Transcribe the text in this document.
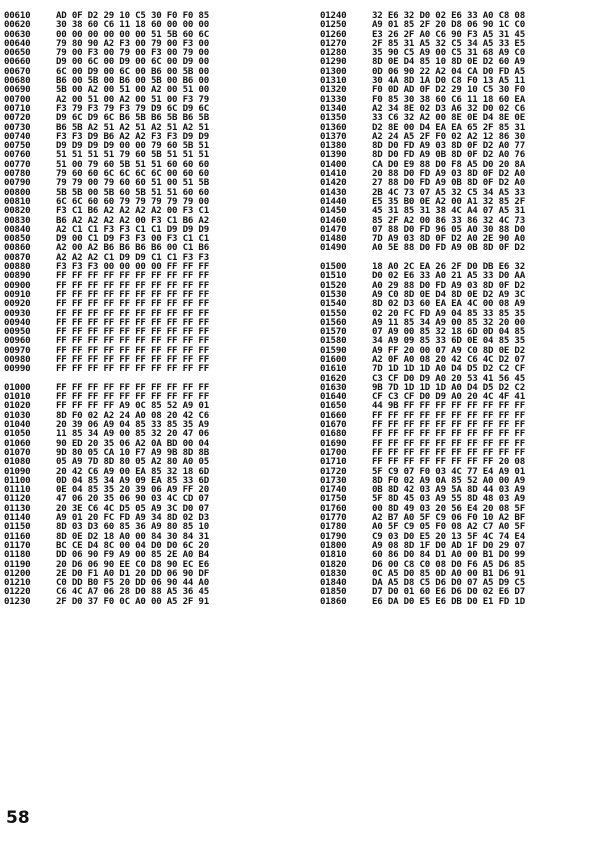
00610	AD 0F D2 29 10 C5 30 F0 F0 85
00620	30 38 60 C6 11 18 60 00 00 00
00630	00 00 00 00 00 00 51 5B 60 6C
00640	79 80 90 A2 F3 00 79 00 F3 00
00650	79 00 F3 00 79 00 F3 00 79 00
00660	D9 00 6C 00 D9 00 6C 00 D9 00
00670	6C 00 D9 00 6C 00 B6 00 5B 00
00680	B6 00 5B 00 B6 00 5B 00 B6 00
00690	5B 00 A2 00 51 00 A2 00 51 00
00700	A2 00 51 00 A2 00 51 00 F3 79
00710	F3 79 F3 79 F3 79 D9 6C D9 6C
00720	D9 6C D9 6C B6 5B B6 5B B6 5B
00730	B6 5B A2 51 A2 51 A2 51 A2 51
00740	F3 F3 D9 B6 A2 A2 F3 F3 D9 D9
00750	D9 D9 D9 D9 00 00 79 60 5B 51
00760	51 51 51 51 79 60 5B 51 51 51
00770	51 00 79 60 5B 51 51 60 60 60
00780	79 60 60 6C 6C 6C 6C 00 60 60
00790	79 79 00 79 60 60 51 00 51 5B
00800	5B 5B 00 5B 60 5B 51 51 60 60
00810	6C 6C 60 60 79 79 79 79 79 00
00820	F3 C1 B6 A2 A2 A2 A2 00 F3 C1
00830	B6 A2 A2 A2 A2 00 F3 C1 B6 A2
00840	A2 C1 C1 F3 F3 C1 C1 D9 D9 D9
00850	D9 00 C1 D9 F3 F3 00 F3 C1 C1
00860	A2 00 A2 B6 B6 B6 B6 00 C1 B6
00870	A2 A2 A2 C1 D9 D9 C1 C1 F3 F3
00880	F3 F3 F3 00 00 00 00 FF FF FF
00890	FF FF FF FF FF FF FF FF FF FF
00900	FF FF FF FF FF FF FF FF FF FF
00910	FF FF FF FF FF FF FF FF FF FF
00920	FF FF FF FF FF FF FF FF FF FF
00930	FF FF FF FF FF FF FF FF FF FF
00940	FF FF FF FF FF FF FF FF FF FF
00950	FF FF FF FF FF FF FF FF FF FF
00960	FF FF FF FF FF FF FF FF FF FF
00970	FF FF FF FF FF FF FF FF FF FF
00980	FF FF FF FF FF FF FF FF FF FF
00990	FF FF FF FF FF FF FF FF FF FF
01000	FF FF FF FF FF FF FF FF FF FF
01010	FF FF FF FF FF FF FF FF FF FF
01020	FF FF FF FF A9 0C 85 52 A9 01
01030	8D F0 02 A2 24 A0 08 20 42 C6
01040	20 39 06 A9 04 85 33 85 35 A9
01050	11 85 34 A9 00 85 32 20 47 06
01060	90 ED 20 35 06 A2 0A BD 00 04
01070	9D 80 05 CA 10 F7 A9 9B 8D 8B
01080	05 A9 7D 8D 80 05 A2 80 A0 05
01090	20 42 C6 A9 00 EA 85 32 18 6D
01100	0D 04 85 34 A9 09 EA 85 33 6D
01110	0E 04 85 35 20 39 06 A9 FF 20
01120	47 06 20 35 06 90 03 4C CD 07
01130	20 3E C6 4C D5 05 A9 3C D0 07
01140	A9 01 20 FC FD A9 34 8D 02 D3
01150	8D 03 D3 60 85 36 A9 80 85 10
01160	8D 0E D2 18 A0 00 84 30 84 31
01170	BC CE D4 8C 00 04 D0 D0 6C 20
01180	DD 06 90 F9 A9 00 85 2E A0 B4
01190	20 D6 06 90 EE C0 D8 90 EC E6
01200	2E D0 F1 A0 D1 20 DD 06 90 DF
01210	C0 DD B0 F5 20 DD 06 90 44 A0
01220	C6 4C A7 06 28 D0 88 A5 36 45
01230	2F D0 37 F0 0C A0 00 A5 2F 91
01240	32 E6 32 D0 02 E6 33 A0 C8 08
01250	A9 01 85 2F 20 D8 06 90 1C C0
01260	E3 26 2F A0 C6 90 F3 A5 31 45
01270	2F 85 31 A5 32 C5 34 A5 33 E5
01280	35 90 C5 A9 00 C5 31 68 A9 C0
01290	8D 0E D4 85 10 8D 0E D2 60 A9
01300	0D 06 90 22 A2 04 CA D0 FD A5
01310	30 4A 8D 1A D0 C8 F0 13 A5 11
01320	F0 0D AD 0F D2 29 10 C5 30 F0
01330	F0 85 30 38 60 C6 11 18 60 EA
01340	A2 34 8E 02 D3 A6 32 D0 02 C6
01350	33 C6 32 A2 00 8E 0E D4 8E 0E
01360	D2 8E 00 D4 EA EA 65 2F 85 31
01370	A2 24 A5 2F F0 02 A2 12 86 30
01380	8D D0 FD A9 03 8D 0F D2 A0 77
01390	8D D0 FD A9 0B 8D 0F D2 A0 76
01400	CA D0 E9 88 D0 F8 A5 D0 20 8A
01410	20 88 D0 FD A9 03 8D 0F D2 A0
01420	27 88 D0 FD A9 0B 8D 0F D2 A0
01430	2B 4C 73 07 A5 32 C5 34 A5 33
01440	E5 35 B0 0E A2 00 A1 32 85 2F
01450	45 31 85 31 38 4C A4 07 A5 31
01460	85 2F A2 00 86 33 86 32 4C 73
01470	07 88 D0 FD 96 05 A0 30 88 D0
01480	7D A9 03 8D 0F D2 A0 2E 90 A0
01490	A0 5E 88 D0 FD A9 0B 8D 0F D2
01500	18 A0 2C EA 26 2F D0 DB E6 32
01510	D0 02 E6 33 A0 21 A5 33 D0 AA
01520	A0 29 88 D0 FD A9 03 8D 0F D2
01530	A9 C0 8D 0E D4 8D 0E D2 A9 3C
01540	8D 02 D3 60 EA EA 4C 00 08 A9
01550	02 20 FC FD A9 04 85 33 85 35
01560	A9 11 85 34 A9 00 85 32 20 00
01570	07 A9 00 85 32 18 6D 0D 04 85
01580	34 A9 09 85 33 6D 0E 04 85 35
01590	A9 FF 20 00 07 A9 C0 8D 0E D2
01600	A2 0F A0 08 20 42 C6 4C D2 07
01610	7D 1D 1D 1D A0 D4 D5 D2 C2 CF
01620	C3 CF D0 D9 A0 20 53 41 56 45
01630	9B 7D 1D 1D 1D A0 D4 D5 D2 C2
01640	CF C3 CF D0 D9 A0 20 4C 4F 41
01650	44 9B FF FF FF FF FF FF FF FF
01660	FF FF FF FF FF FF FF FF FF FF
01670	FF FF FF FF FF FF FF FF FF FF
01680	FF FF FF FF FF FF FF FF FF FF
01690	FF FF FF FF FF FF FF FF FF FF
01700	FF FF FF FF FF FF FF FF FF FF
01710	FF FF FF FF FF FF FF FF 20 08
01720	5F C9 07 F0 03 4C 77 E4 A9 01
01730	8D F0 02 A9 0A 85 52 A0 00 A9
01740	0B 8D 42 03 A9 5A 8D 44 03 A9
01750	5F 8D 45 03 A9 55 8D 48 03 A9
01760	00 8D 49 03 20 56 E4 20 08 5F
01770	A2 B7 A0 5F C9 06 F0 10 A2 BF
01780	A0 5F C9 05 F0 08 A2 C7 A0 5F
01790	C9 03 D0 E5 20 13 5F 4C 74 E4
01800	A9 08 8D 1F D0 AD 1F D0 29 07
01810	60 86 D0 84 D1 A0 00 B1 D0 99
01820	D6 00 C8 C0 08 D0 F6 A5 D6 85
01830	0C A5 D0 85 0D A0 00 B1 D6 91
01840	DA A5 D8 C5 D6 D0 07 A5 D9 C5
01850	D7 D0 01 60 E6 D6 D0 02 E6 D7
01860	E6 DA D0 E5 E6 DB D0 E1 FD 1D
58
